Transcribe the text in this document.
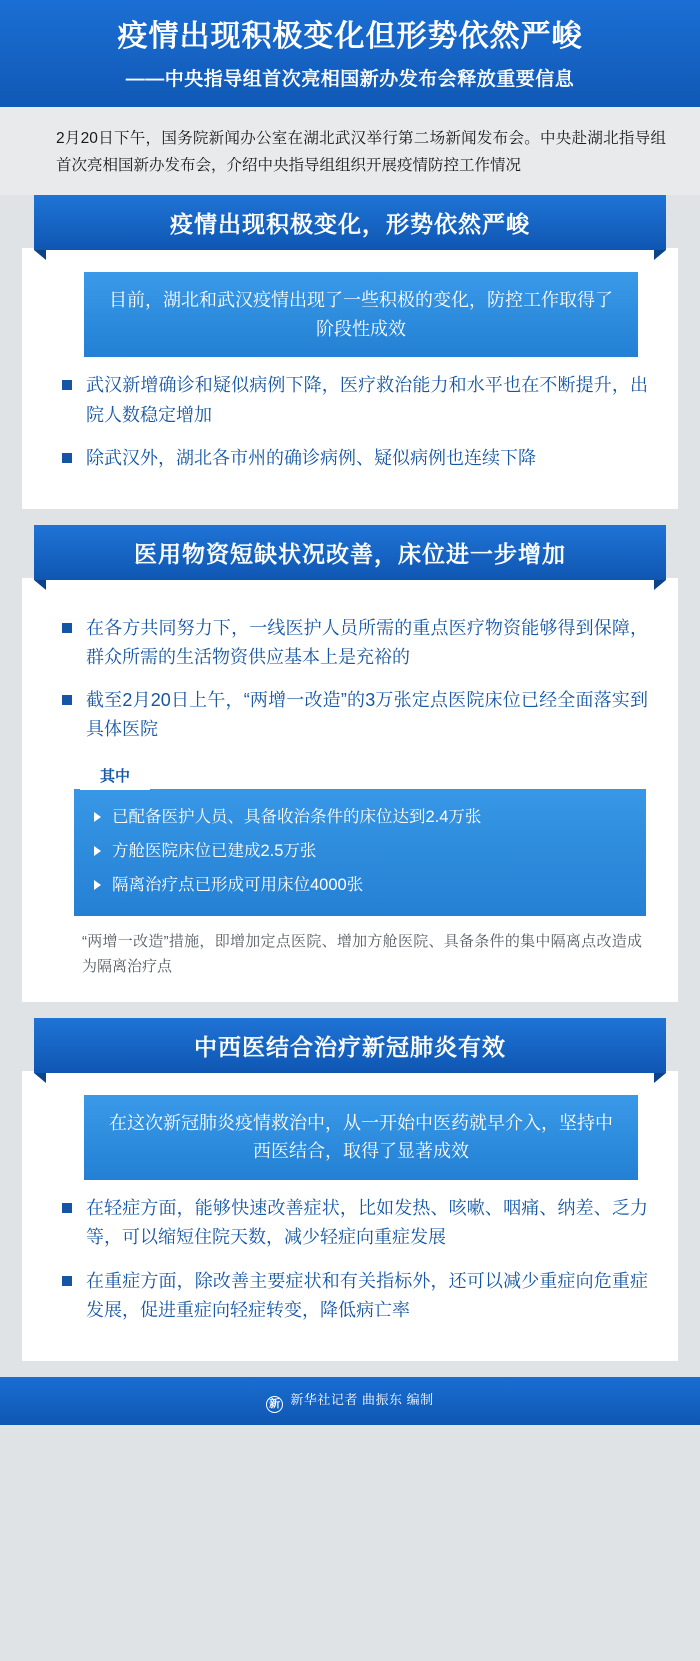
疫情出现积极变化但形势依然严峻
——中央指导组首次亮相国新办发布会释放重要信息
2月20日下午，国务院新闻办公室在湖北武汉举行第二场新闻发布会。中央赴湖北指导组首次亮相国新办发布会，介绍中央指导组组织开展疫情防控工作情况
疫情出现积极变化，形势依然严峻
目前，湖北和武汉疫情出现了一些积极的变化，防控工作取得了阶段性成效
武汉新增确诊和疑似病例下降，医疗救治能力和水平也在不断提升，出院人数稳定增加
除武汉外，湖北各市州的确诊病例、疑似病例也连续下降
医用物资短缺状况改善，床位进一步增加
在各方共同努力下，一线医护人员所需的重点医疗物资能够得到保障，群众所需的生活物资供应基本上是充裕的
截至2月20日上午，“两增一改造”的3万张定点医院床位已经全面落实到具体医院
其中
已配备医护人员、具备收治条件的床位达到2.4万张
方舱医院床位已建成2.5万张
隔离治疗点已形成可用床位4000张
“两增一改造”措施，即增加定点医院、增加方舱医院、具备条件的集中隔离点改造成为隔离治疗点
中西医结合治疗新冠肺炎有效
在这次新冠肺炎疫情救治中，从一开始中医药就早介入，坚持中西医结合，取得了显著成效
在轻症方面，能够快速改善症状，比如发热、咳嗽、咽痛、纳差、乏力等，可以缩短住院天数，减少轻症向重症发展
在重症方面，除改善主要症状和有关指标外，还可以减少重症向危重症发展，促进重症向轻症转变，降低病亡率
新 新华社记者 曲振东 编制
